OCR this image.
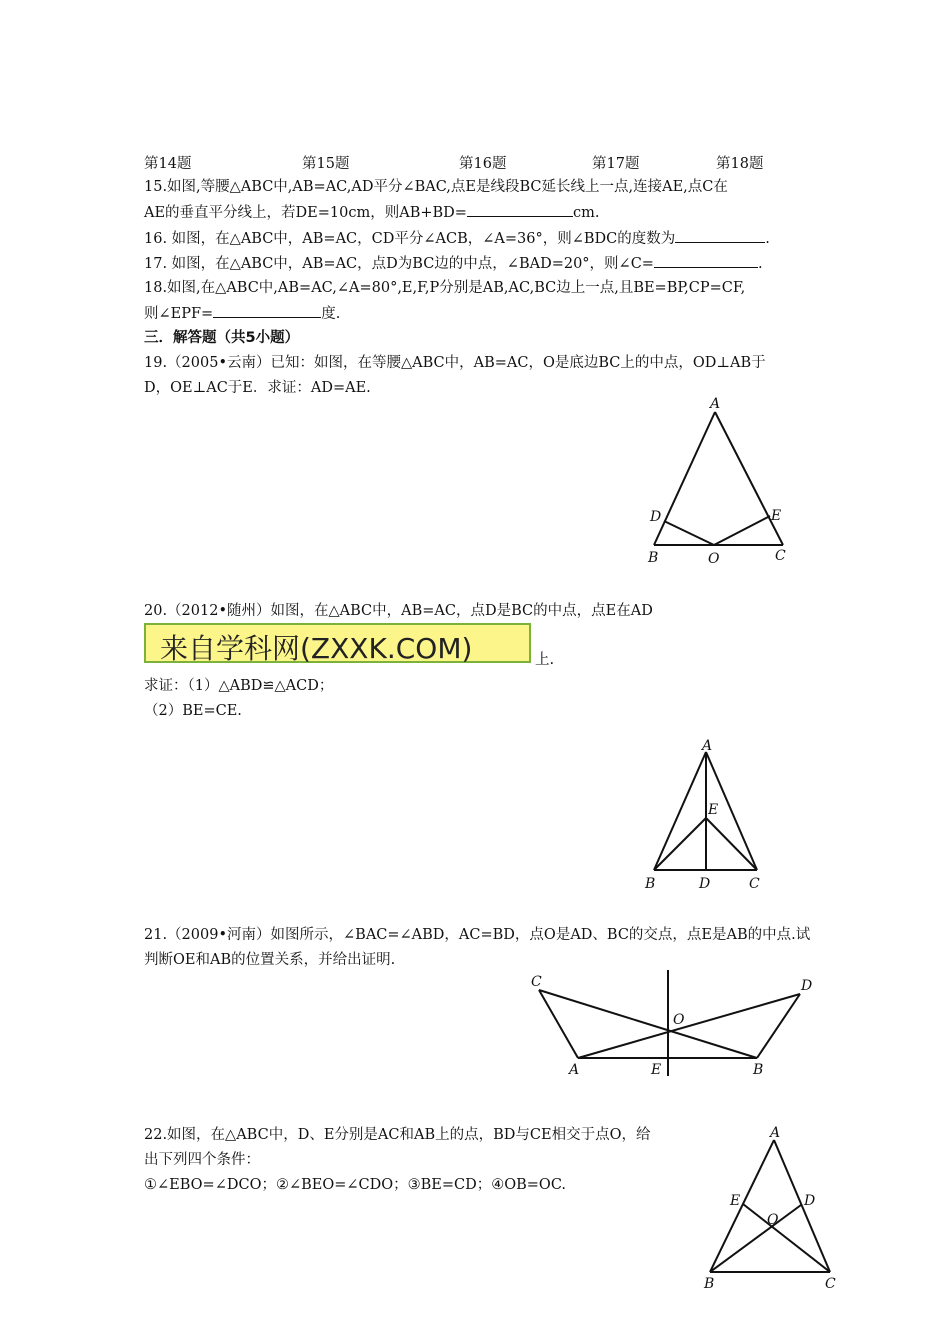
第14题	第15题	第16题	第17题	第18题
15.如图,等腰△ABC中,AB=AC,AD平分∠BAC,点E是线段BC延长线上一点,连接AE,点C在
AE的垂直平分线上，若DE=10cm，则AB+BD=	cm.
16. 如图，在△ABC中，AB=AC，CD平分∠ACB，∠A=36°，则∠BDC的度数为	.
17. 如图，在△ABC中，AB=AC，点D为BC边的中点，∠BAD=20°，则∠C=	.
18.如图,在△ABC中,AB=AC,∠A=80°,E,F,P分别是AB,AC,BC边上一点,且BE=BP,CP=CF,
则∠EPF=	度.
三．解答题（共5小题）
19.（2005•云南）已知：如图，在等腰△ABC中，AB=AC，O是底边BC上的中点，OD⊥AB于
D，OE⊥AC于E．求证：AD=AE.
A
B	C
D	E
O
20.（2012•随州）如图，在△ABC中，AB=AC，点D是BC的中点，点E在AD
来自学科网(ZXXK.COM)	上.
求证：（1）△ABD≌△ACD；
（2）BE=CE.
A
B	C
D
E
21.（2009•河南）如图所示，∠BAC=∠ABD，AC=BD，点O是AD、BC的交点，点E是AB的中点.试
判断OE和AB的位置关系，并给出证明.
C	D
O
A	E	B
22.如图，在△ABC中，D、E分别是AC和AB上的点，BD与CE相交于点O，给
出下列四个条件：
①∠EBO=∠DCO；②∠BEO=∠CDO；③BE=CD；④OB=OC.
A
E	D
O
B	C
